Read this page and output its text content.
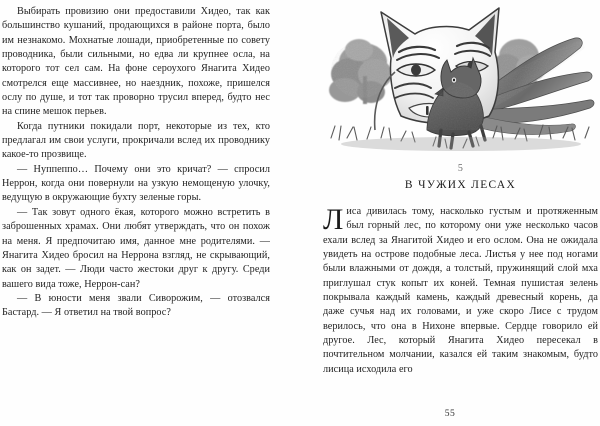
Выбирать провизию они предоставили Хидео, так как большинство кушаний, продающихся в районе порта, было им незнакомо. Мохнатые лошади, приобретенные по совету проводника, были сильными, но едва ли крупнее осла, на которого тот сел сам. На фоне сероухого Янагита Хидео смотрелся еще массивнее, но наездник, похоже, пришелся ослу по душе, и тот так проворно трусил вперед, будто нес на спине мешок перьев.

Когда путники покидали порт, некоторые из тех, кто предлагал им свои услуги, прокричали вслед их проводнику какое-то прозвище.

— Нуппеппо… Почему они это кричат? — спросил Неррон, когда они повернули на узкую немощеную улочку, ведущую в окружающие бухту зеленые горы.

— Так зовут одного ёкая, которого можно встретить в заброшенных храмах. Они любят утверждать, что он похож на меня. Я предпочитаю имя, данное мне родителями. — Янагита Хидео бросил на Неррона взгляд, не скрывающий, как он задет. — Люди часто жестоки друг к другу. Среди вашего вида тоже, Неррон-сан?

— В юности меня звали Сиворожим, — отозвался Бастард. — Я ответил на твой вопрос?

5
В ЧУЖИХ ЛЕСАХ

Лиса дивилась тому, насколько густым и протяженным был горный лес, по которому они уже несколько часов ехали вслед за Янагитой Хидео и его ослом. Она не ожидала увидеть на острове подобные леса. Листья у нее под ногами были влажными от дождя, а толстый, пружинящий слой мха приглушал стук копыт их коней. Темная пушистая зелень покрывала каждый камень, каждый древесный корень, да даже сучья над их головами, и уже скоро Лисе с трудом верилось, что она в Нихоне впервые. Сердце говорило ей другое. Лес, который Янагита Хидео пересекал в почтительном молчании, казался ей таким знакомым, будто лисица исходила его

55
